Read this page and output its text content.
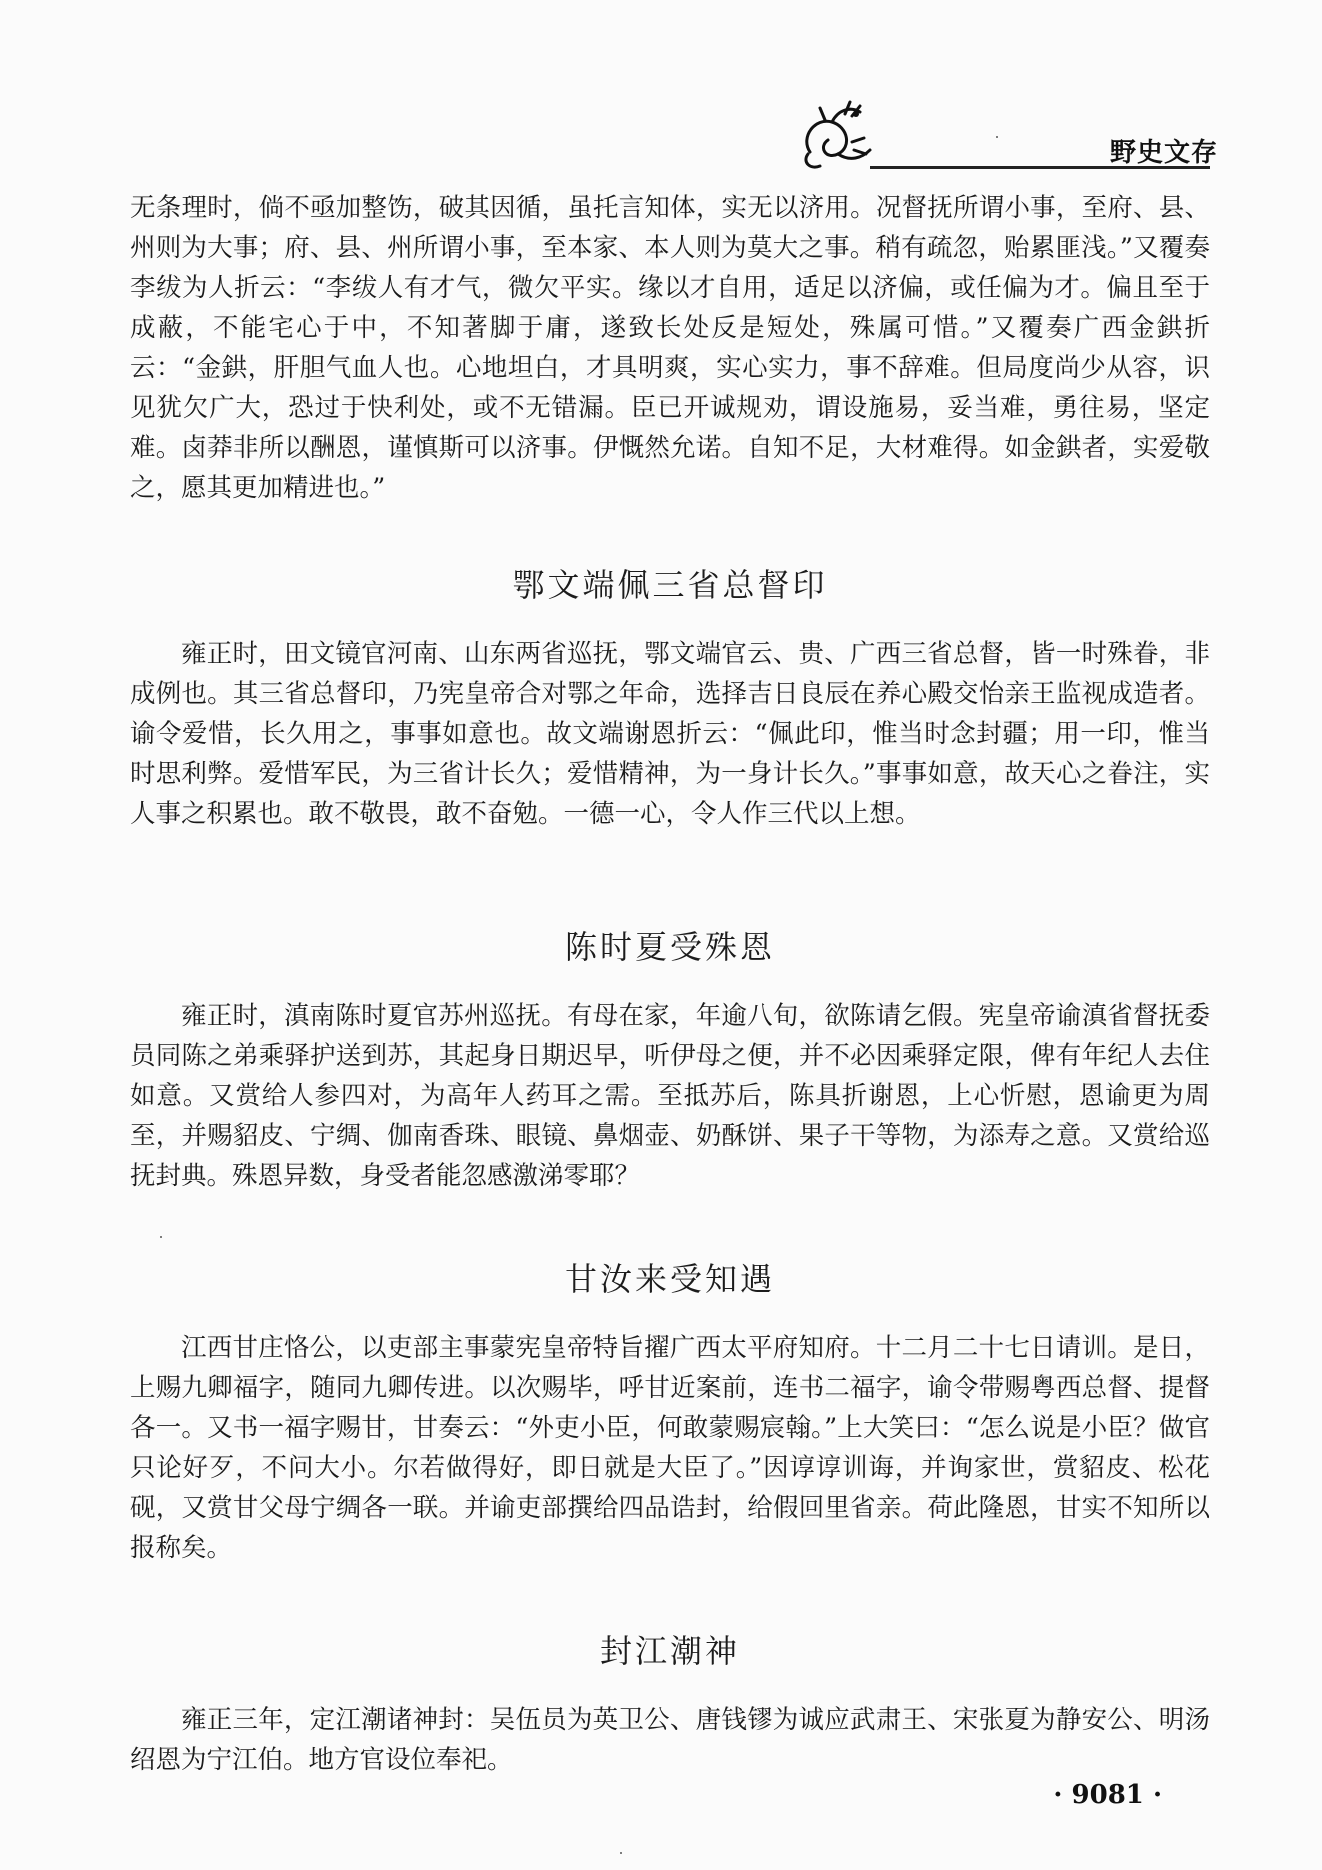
野史文存

无条理时，倘不亟加整饬，破其因循，虽托言知体，实无以济用。况督抚所谓小事，至府、县、州则为大事；府、县、州所谓小事，至本家、本人则为莫大之事。稍有疏忽，贻累匪浅。”又覆奏李绂为人折云：“李绂人有才气，微欠平实。缘以才自用，适足以济偏，或任偏为才。偏且至于成蔽，不能宅心于中，不知著脚于庸，遂致长处反是短处，殊属可惜。”又覆奏广西金鉷折云：“金鉷，肝胆气血人也。心地坦白，才具明爽，实心实力，事不辞难。但局度尚少从容，识见犹欠广大，恐过于快利处，或不无错漏。臣已开诚规劝，谓设施易，妥当难，勇往易，坚定难。卤莽非所以酬恩，谨慎斯可以济事。伊慨然允诺。自知不足，大材难得。如金鉷者，实爱敬之，愿其更加精进也。”

鄂文端佩三省总督印

雍正时，田文镜官河南、山东两省巡抚，鄂文端官云、贵、广西三省总督，皆一时殊眷，非成例也。其三省总督印，乃宪皇帝合对鄂之年命，选择吉日良辰在养心殿交怡亲王监视成造者。谕令爱惜，长久用之，事事如意也。故文端谢恩折云：“佩此印，惟当时念封疆；用一印，惟当时思利弊。爱惜军民，为三省计长久；爱惜精神，为一身计长久。”事事如意，故天心之眷注，实人事之积累也。敢不敬畏，敢不奋勉。一德一心，令人作三代以上想。

陈时夏受殊恩

雍正时，滇南陈时夏官苏州巡抚。有母在家，年逾八旬，欲陈请乞假。宪皇帝谕滇省督抚委员同陈之弟乘驿护送到苏，其起身日期迟早，听伊母之便，并不必因乘驿定限，俾有年纪人去住如意。又赏给人参四对，为高年人药耳之需。至抵苏后，陈具折谢恩，上心忻慰，恩谕更为周至，并赐貂皮、宁绸、伽南香珠、眼镜、鼻烟壶、奶酥饼、果子干等物，为添寿之意。又赏给巡抚封典。殊恩异数，身受者能忽感激涕零耶？

甘汝来受知遇

江西甘庄恪公，以吏部主事蒙宪皇帝特旨擢广西太平府知府。十二月二十七日请训。是日，上赐九卿福字，随同九卿传进。以次赐毕，呼甘近案前，连书二福字，谕令带赐粤西总督、提督各一。又书一福字赐甘，甘奏云：“外吏小臣，何敢蒙赐宸翰。”上大笑曰：“怎么说是小臣？做官只论好歹，不问大小。尔若做得好，即日就是大臣了。”因谆谆训诲，并询家世，赏貂皮、松花砚，又赏甘父母宁绸各一联。并谕吏部撰给四品诰封，给假回里省亲。荷此隆恩，甘实不知所以报称矣。

封江潮神

雍正三年，定江潮诸神封：吴伍员为英卫公、唐钱镠为诚应武肃王、宋张夏为静安公、明汤绍恩为宁江伯。地方官设位奉祀。

· 9081 ·
